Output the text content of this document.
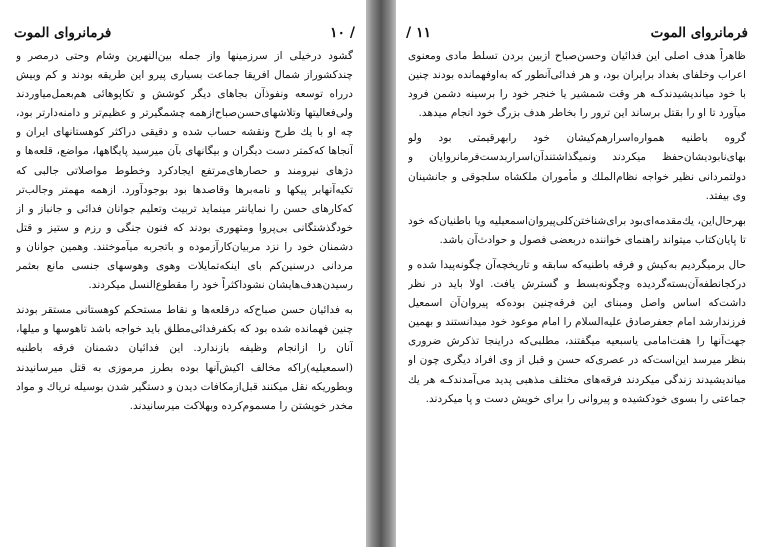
فرمانروای الموت	۱۰ /

گشود درخیلی از سرزمینها واز جمله بین‌النهرین وشام وحتی درمصر و چندکشوراز شمال افریقا جماعت بسیاری پیرو این طریقه بودند و کم وبیش درراه توسعه ونفوذآن بجاهای دیگر کوشش و تکاپوهائی هم‌بعمل‌میاوردند ولی‌فعالیتها وتلاشهای‌حسن‌صباح‌ازهمه چشمگیرتر و عظیم‌تر و دامنه‌دارتر بود، چه او با یك طرح ونقشه حساب شده و دقیقی دراکثر کوهستانهای ایران و آنجاها که‌کمتر دست دیگران و بیگانهای بآن میرسید پایگاهها، مواضع، قلعه‌ها و دژهای نیرومند و حصارهای‌مرتفع ایجادکرد وخطوط مواصلاتی جالبی که تکیه‌آنهابر پیکها و نامه‌برها وقاصدها بود بوجودآورد. ازهمه مهمتر وجالب‌تر که‌کارهای حسن را نمایانتر مینماید تربیت وتعلیم جوانان فدائی و جانباز و از خودگذشتگانی بی‌پروا ومتهوری بودند که فنون جنگی و رزم و ستیز و قتل دشمنان خود را نزد مربیان‌کارآزموده و باتجربه میآموختند. وهمین جوانان و مردانی درسنین‌کم بای اینکه‌تمایلات وهوی وهوسهای جنسی مانع بعثمر رسیدن‌هدف‌هایشان نشود‌اکثراً خود را مقطوع‌النسل میکردند.

به فدائیان حسن صباح‌که درقلعه‌ها و نقاط مستحکم کوهستانی مستقر بودند چنین فهمانده شده بود که بکفرفدائی‌مطلق باید خواجه باشد تاهوسها و میلها، آنان را ازانجام وظیفه بازندارد. این فدائیان دشمنان فرقه باطنیه (اسمعیلیه)راکه مخالف اکیش‌آنها بوده بطرز مرموزی به قتل میرسانیدند وبطوریکه نقل میکنند قبل‌ازمکافات دیدن و دستگیر شدن بوسیله تریاك و مواد مخدر خویشتن را مسموم‌کرده وبهلاکت میرسانیدند.

/ ۱۱	فرمانروای الموت

ظاهراً هدف اصلی این فدائیان وحسن‌صباح ازبین بردن تسلط مادی ومعنوی اعراب وخلفای بغداد برایران بود، و هر فدائی‌آنطور که به‌اوفهمانده بودند چنین با خود میاندیشیدند‌کـه هر وقت شمشیر یا خنجر خود را برسینه دشمن فرود میآورد تا او را بقتل برساند این ترور را بخاطر هدف بزرگ خود انجام میدهد.

گروه باطنیه همواره‌اسرارهم‌کیشان خود رابهرقیمتی بود ولو بهای‌نابودیشان‌حفظ میکردند ونمیگذاشتندآن‌اسراربدست‌فرمانروایان و دولتمردانی نظیر خواجه نظام‌الملك و مأموران ملکشاه سلجوقی و جانشینان وی بیفتد.

بهرحال‌این، یك‌مقدمه‌ای‌بود برای‌شناختن‌کلی‌پیروان‌اسمعیلیه ویا باطنیان‌که خود تا پایان‌کتاب میتواند راهنمای خواننده دربعضی فصول و حوادث‌آن باشد.

حال برمیگردیم به‌کیش و فرقه باطنیه‌که سابقه و تاریخچه‌آن چگونه‌پیدا شده و درکجانطفه‌آن‌بسته‌گردیده وچگونه‌بسط و گسترش یافت. اولا باید در نظر داشت‌که اساس واصل ومبنای این فرقه‌چنین بوده‌که پیروان‌آن اسمعیل فرزندارشد امام جعفرصادق علیه‌السلام را امام موعود خود میدانستند و بهمین جهت‌آنها را هفت‌امامی یاسبعیه میگفتند، مطلبی‌که دراینجا تذکرش ضروری بنظر میرسد این‌است‌که در عصری‌که حسن و قبل از وی افراد دیگری چون او میاندیشیدند زندگی میکردند فرقه‌های مختلف مذهبی پدید می‌آمدند‌کـه هر یك جماعتی را بسوی خودکشیده و پیروانی را برای خویش دست و پا میکردند.
